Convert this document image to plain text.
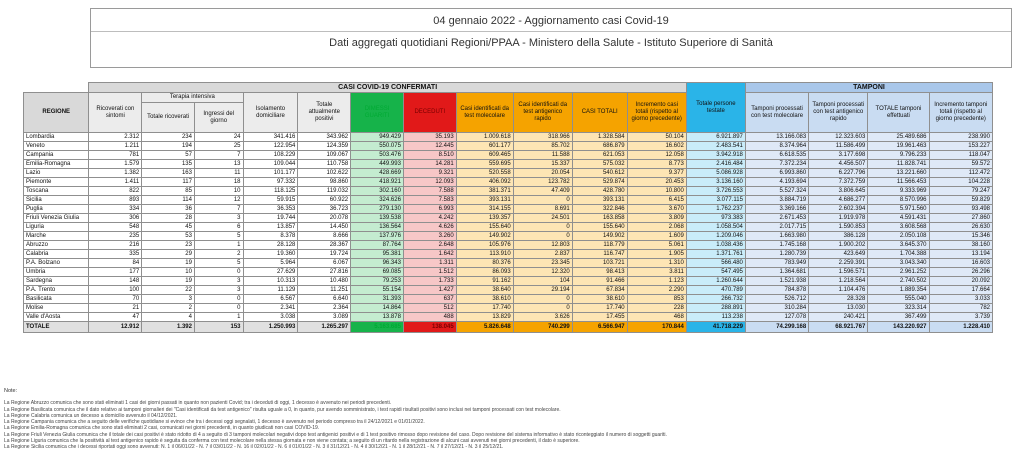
04 gennaio 2022 - Aggiornamento casi Covid-19
Dati aggregati quotidiani Regioni/PPAA - Ministero della Salute - Istituto Superiore di Sanità
	CASI COVID-19 CONFERMATI											Totale persone testate	TAMPONI			
REGIONE	Ricoverati con sintomi	Terapia intensiva		Isolamento domiciliare	Totale attualmente positivi	DIMESSI GUARITI	DECEDUTI	Casi identificati da test molecolare	Casi identificati da test antigenico rapido	CASI TOTALI	Incremento casi totali (rispetto al giorno precedente)		Tamponi processati con test molecolare	Tamponi processati con test antigenico rapido	TOTALE tamponi effettuati	Incremento tamponi totali (rispetto al giorno precedente)
		Totale ricoverati	Ingressi del giorno													
Lombardia	2.312	234	24	341.416	343.962	949.429	35.193	1.009.618	318.966	1.328.584	50.104	6.921.897	13.166.083	12.323.603	25.489.686	238.990
Veneto	1.211	194	25	122.954	124.359	550.075	12.445	601.177	85.702	686.879	16.602	2.483.541	8.374.964	11.586.499	19.961.463	153.227
Campania	781	57	7	108.229	109.067	503.476	8.510	609.465	11.588	621.053	12.058	3.942.918	6.618.535	3.177.698	9.796.233	118.047
Emilia-Romagna	1.579	135	13	109.044	110.758	449.993	14.281	559.695	15.337	575.032	8.773	2.416.484	7.372.234	4.456.507	11.828.741	59.572
Lazio	1.382	163	11	101.177	102.622	428.669	9.321	520.558	20.054	540.612	9.377	5.086.928	6.993.860	6.227.796	13.221.660	112.472
Piemonte	1.411	117	18	97.332	98.860	418.921	12.093	406.092	123.782	529.874	20.453	3.136.160	4.193.694	7.372.759	11.566.453	104.228
Toscana	822	85	10	118.125	119.032	302.160	7.588	381.371	47.409	428.780	10.800	3.726.553	5.527.324	3.806.645	9.333.969	79.247
Sicilia	893	114	12	59.915	60.922	324.626	7.583	393.131	0	393.131	6.415	3.077.115	3.884.719	4.686.277	8.570.996	59.829
Puglia	334	36	7	36.353	36.723	279.130	6.993	314.155	8.691	322.846	3.670	1.762.237	3.369.166	2.602.394	5.971.560	93.498
Friuli Venezia Giulia	306	28	3	19.744	20.078	139.538	4.242	139.357	24.501	163.858	3.809	973.383	2.671.453	1.919.978	4.591.431	27.860
Liguria	548	45	6	13.857	14.450	136.564	4.626	155.640	0	155.640	2.068	1.058.504	2.017.715	1.590.853	3.608.568	26.630
Marche	235	53	5	8.378	8.666	137.976	3.260	149.902	0	149.902	1.609	1.209.046	1.663.980	386.128	2.050.108	15.346
Abruzzo	216	23	1	28.128	28.367	87.764	2.648	105.976	12.803	118.779	5.061	1.038.436	1.745.168	1.900.202	3.645.370	38.160
Calabria	335	29	2	19.360	19.724	95.381	1.642	113.910	2.837	116.747	1.905	1.371.761	1.280.739	423.649	1.704.388	13.194
P.A. Bolzano	84	19	5	5.964	6.067	96.343	1.311	80.376	23.345	103.721	1.310	566.480	783.949	2.259.391	3.043.340	16.603
Umbria	177	10	0	27.629	27.816	69.085	1.512	86.093	12.320	98.413	3.811	547.495	1.364.681	1.596.571	2.961.252	26.296
Sardegna	148	19	3	10.313	10.480	79.253	1.733	91.162	104	91.466	1.123	1.260.644	1.521.938	1.218.564	2.740.502	20.092
P.A. Trento	100	22	3	11.129	11.251	55.154	1.427	38.640	29.194	67.834	2.290	470.789	784.878	1.104.476	1.889.354	17.664
Basilicata	70	3	0	6.567	6.640	31.393	637	38.610	0	38.610	853	266.732	526.712	28.328	555.040	3.033
Molise	21	2	0	2.341	2.364	14.864	512	17.740	0	17.740	228	288.891	310.284	13.030	323.314	782
Valle d'Aosta	47	4	1	3.038	3.089	13.878	488	13.829	3.626	17.455	468	113.238	127.078	240.421	367.499	3.739
TOTALE	12.912	1.392	153	1.250.993	1.265.297	5.163.685	138.045	5.826.648	740.299	6.566.947	170.844	41.718.229	74.299.168	68.921.767	143.220.927	1.228.410
Note:
La Regione Abruzzo comunica che sono stati eliminati 1 casi dei giorni passati in quanto non pazienti Covid; tra i deceduti di oggi, 1 decesso è avvenuto nei periodi precedenti.
La Regione Basilicata comunica che il dato relativo ai tamponi giornalieri dei "Casi identificati da test antigenico" risulta uguale a 0, in quanto, pur avendo somministrato, i test rapidi risultati positivi sono inclusi nei tamponi processati con test molecolare.
La Regione Calabria comunica un decesso a domicilio avvenuto il 04/12/2021.
La Regione Campania comunica che a seguito delle verifiche quotidiane si evince che tra i decessi oggi segnalati, 1 decesso è avvenuto nel periodo compreso tra il 24/12/2021 e 01/01/2022.
La Regione Emilia-Romagna comunica che sono stati eliminati 2 casi, comunicati nei giorni precedenti, in quanto giudicati non casi COVID-19.
La Regione Friuli Venezia Giulia comunica che il totale dei casi positivi è stato ridotto di 4 a seguito di 3 tamponi molecolari negativi dopo test antigenici positivi e di 1 test positivo rimosso dopo revisione del caso. Dopo revisione del sistema informativo è stato riconteggiato il numero di soggetti guariti.
La Regione Liguria comunica che la positività al test antigenico rapido è seguita da conferma con test molecolare nella stessa giornata e non viene contata; a seguito di un ritardo nella registrazione di alcuni casi avvenuti nei giorni precedenti, il dato è superiore.
La Regione Sicilia comunica che i decessi riportati oggi sono avvenuti: N. 1 il 06/01/22 - N. 7 il 03/01/22 - N. 16 il 02/01/22 - N. 6 il 01/01/22 - N. 3 il 31/12/21 - N. 4 il 30/12/21 - N. 1 il 28/12/21 - N. 7 il 27/12/21 - N. 3 il 25/12/21.
